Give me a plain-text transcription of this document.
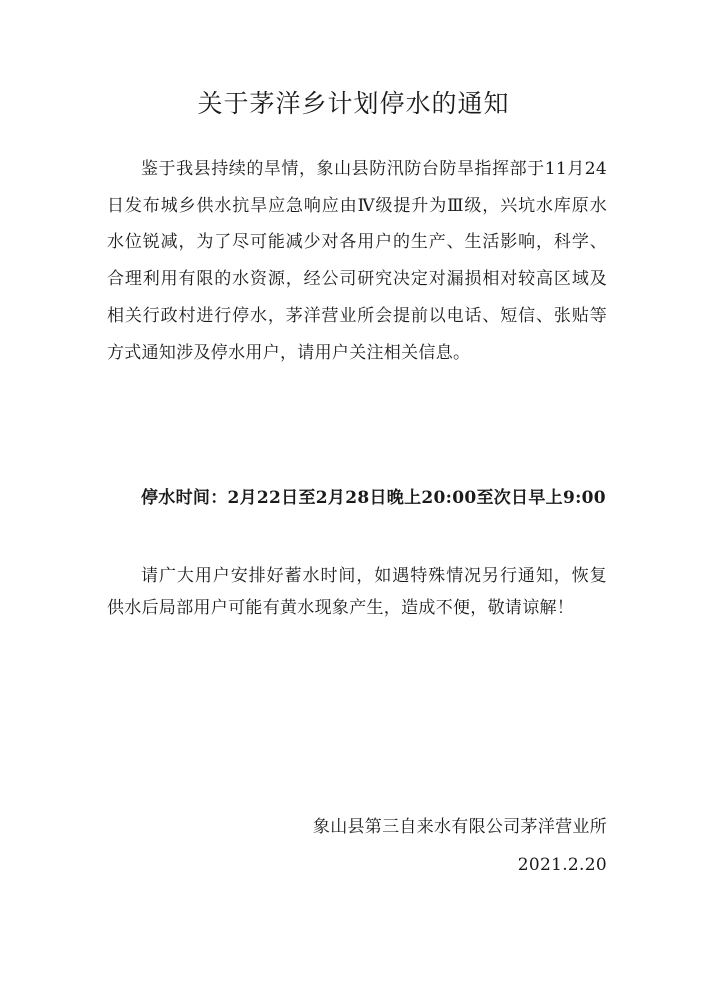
关于茅洋乡计划停水的通知

鉴于我县持续的旱情，象山县防汛防台防旱指挥部于11月24日发布城乡供水抗旱应急响应由Ⅳ级提升为Ⅲ级，兴坑水库原水水位锐减，为了尽可能减少对各用户的生产、生活影响，科学、合理利用有限的水资源，经公司研究决定对漏损相对较高区域及相关行政村进行停水，茅洋营业所会提前以电话、短信、张贴等方式通知涉及停水用户，请用户关注相关信息。

停水时间：2月22日至2月28日晚上20:00至次日早上9:00

请广大用户安排好蓄水时间，如遇特殊情况另行通知，恢复供水后局部用户可能有黄水现象产生，造成不便，敬请谅解！

象山县第三自来水有限公司茅洋营业所

2021.2.20
